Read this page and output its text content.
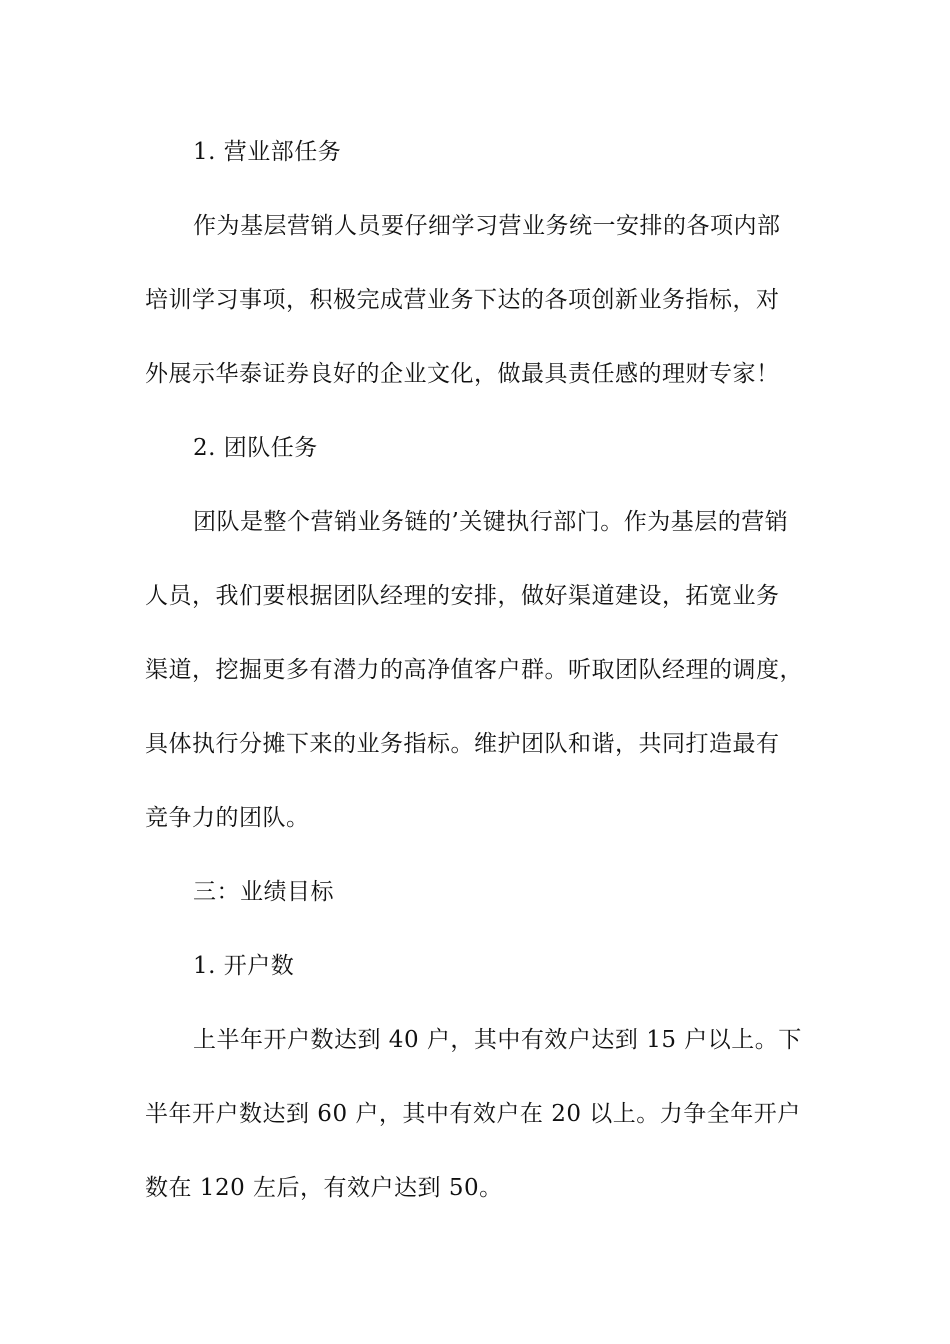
1. 营业部任务
作为基层营销人员要仔细学习营业务统一安排的各项内部
培训学习事项，积极完成营业务下达的各项创新业务指标，对
外展示华泰证券良好的企业文化，做最具责任感的理财专家！
2. 团队任务
团队是整个营销业务链的’关键执行部门。作为基层的营销
人员，我们要根据团队经理的安排，做好渠道建设，拓宽业务
渠道，挖掘更多有潜力的高净值客户群。听取团队经理的调度，
具体执行分摊下来的业务指标。维护团队和谐，共同打造最有
竞争力的团队。
三：业绩目标
1. 开户数
上半年开户数达到 40 户，其中有效户达到 15 户以上。下
半年开户数达到 60 户，其中有效户在 20 以上。力争全年开户
数在 120 左后，有效户达到 50。
